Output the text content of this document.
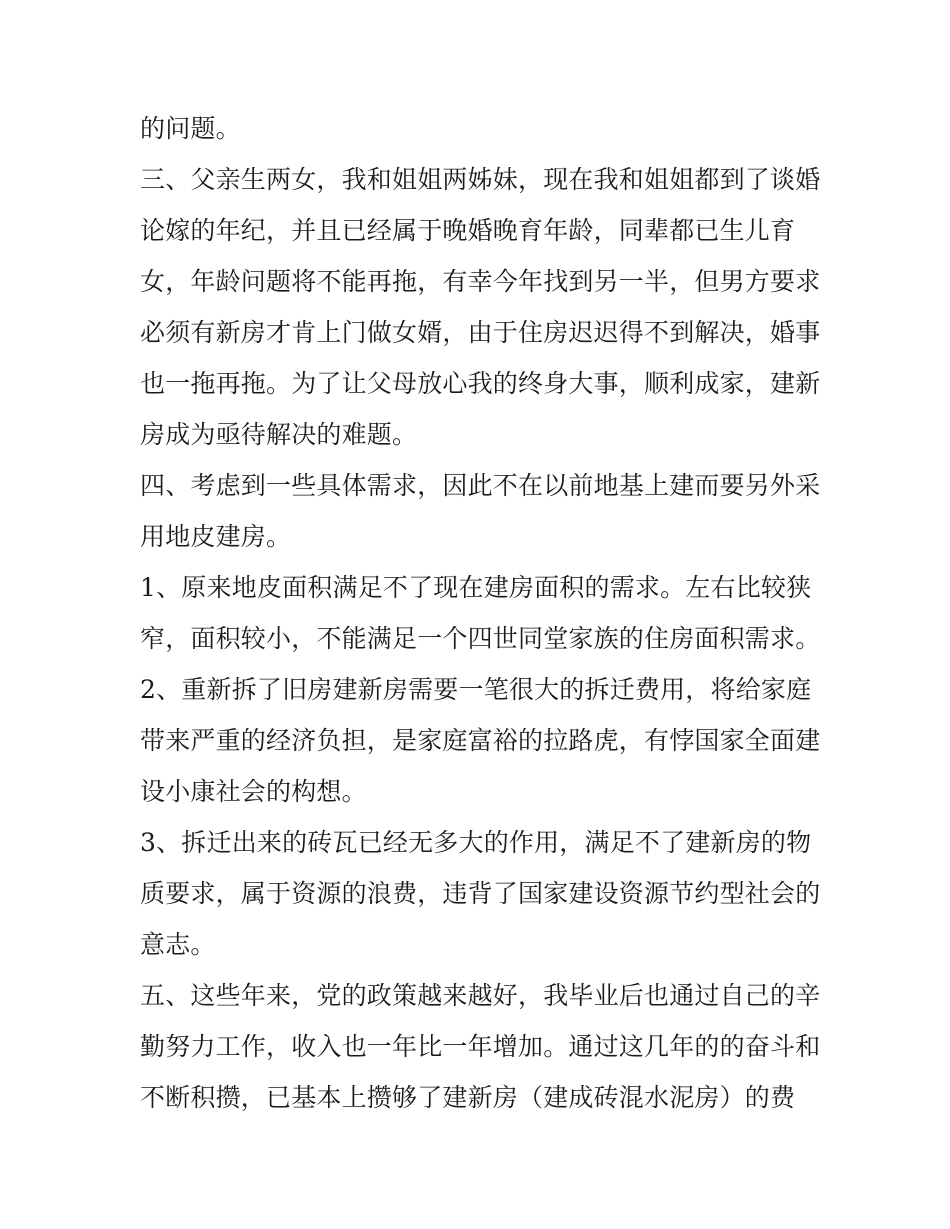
的问题。

三、父亲生两女，我和姐姐两姊妹，现在我和姐姐都到了谈婚

论嫁的年纪，并且已经属于晚婚晚育年龄，同辈都已生儿育

女，年龄问题将不能再拖，有幸今年找到另一半，但男方要求

必须有新房才肯上门做女婿，由于住房迟迟得不到解决，婚事

也一拖再拖。为了让父母放心我的终身大事，顺利成家，建新

房成为亟待解决的难题。

四、考虑到一些具体需求，因此不在以前地基上建而要另外采

用地皮建房。

1、原来地皮面积满足不了现在建房面积的需求。左右比较狭

窄，面积较小，不能满足一个四世同堂家族的住房面积需求。

2、重新拆了旧房建新房需要一笔很大的拆迁费用，将给家庭

带来严重的经济负担，是家庭富裕的拉路虎，有悖国家全面建

设小康社会的构想。

3、拆迁出来的砖瓦已经无多大的作用，满足不了建新房的物

质要求，属于资源的浪费，违背了国家建设资源节约型社会的

意志。

五、这些年来，党的政策越来越好，我毕业后也通过自己的辛

勤努力工作，收入也一年比一年增加。通过这几年的的奋斗和

不断积攒，已基本上攒够了建新房（建成砖混水泥房）的费
